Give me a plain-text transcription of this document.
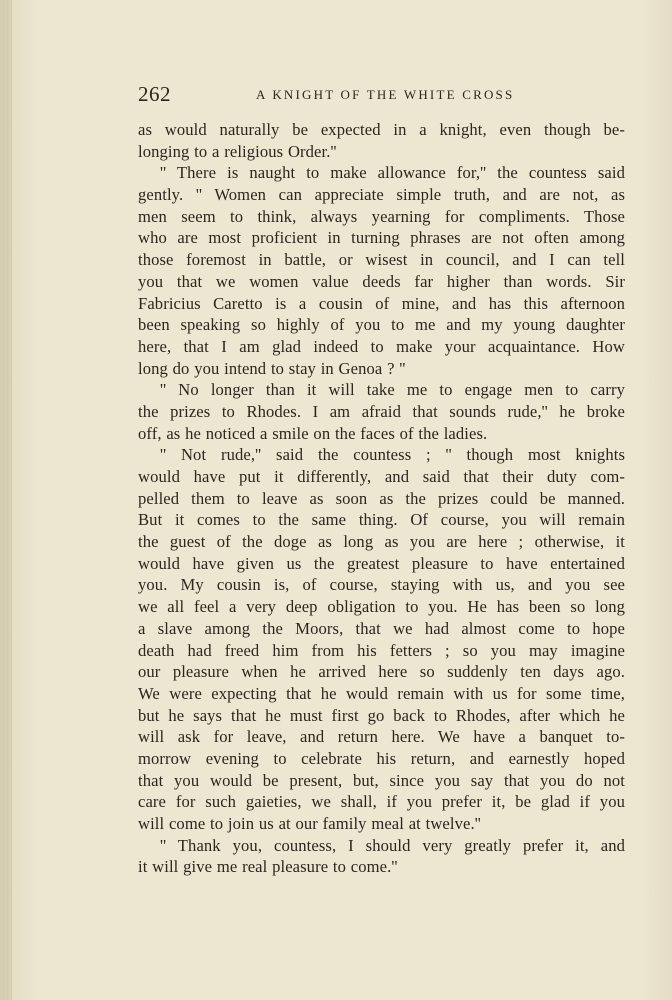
262	A KNIGHT OF THE WHITE CROSS
as would naturally be expected in a knight, even though be-
longing to a religious Order.''
'' There is naught to make allowance for,'' the countess said
gently. '' Women can appreciate simple truth, and are not, as
men seem to think, always yearning for compliments. Those
who are most proficient in turning phrases are not often among
those foremost in battle, or wisest in council, and I can tell
you that we women value deeds far higher than words. Sir
Fabricius Caretto is a cousin of mine, and has this afternoon
been speaking so highly of you to me and my young daughter
here, that I am glad indeed to make your acquaintance. How
long do you intend to stay in Genoa ? ''
'' No longer than it will take me to engage men to carry
the prizes to Rhodes. I am afraid that sounds rude,'' he broke
off, as he noticed a smile on the faces of the ladies.
'' Not rude,'' said the countess ; '' though most knights
would have put it differently, and said that their duty com-
pelled them to leave as soon as the prizes could be manned.
But it comes to the same thing. Of course, you will remain
the guest of the doge as long as you are here ; otherwise, it
would have given us the greatest pleasure to have entertained
you. My cousin is, of course, staying with us, and you see
we all feel a very deep obligation to you. He has been so long
a slave among the Moors, that we had almost come to hope
death had freed him from his fetters ; so you may imagine
our pleasure when he arrived here so suddenly ten days ago.
We were expecting that he would remain with us for some time,
but he says that he must first go back to Rhodes, after which he
will ask for leave, and return here. We have a banquet to-
morrow evening to celebrate his return, and earnestly hoped
that you would be present, but, since you say that you do not
care for such gaieties, we shall, if you prefer it, be glad if you
will come to join us at our family meal at twelve.''
'' Thank you, countess, I should very greatly prefer it, and
it will give me real pleasure to come.''
